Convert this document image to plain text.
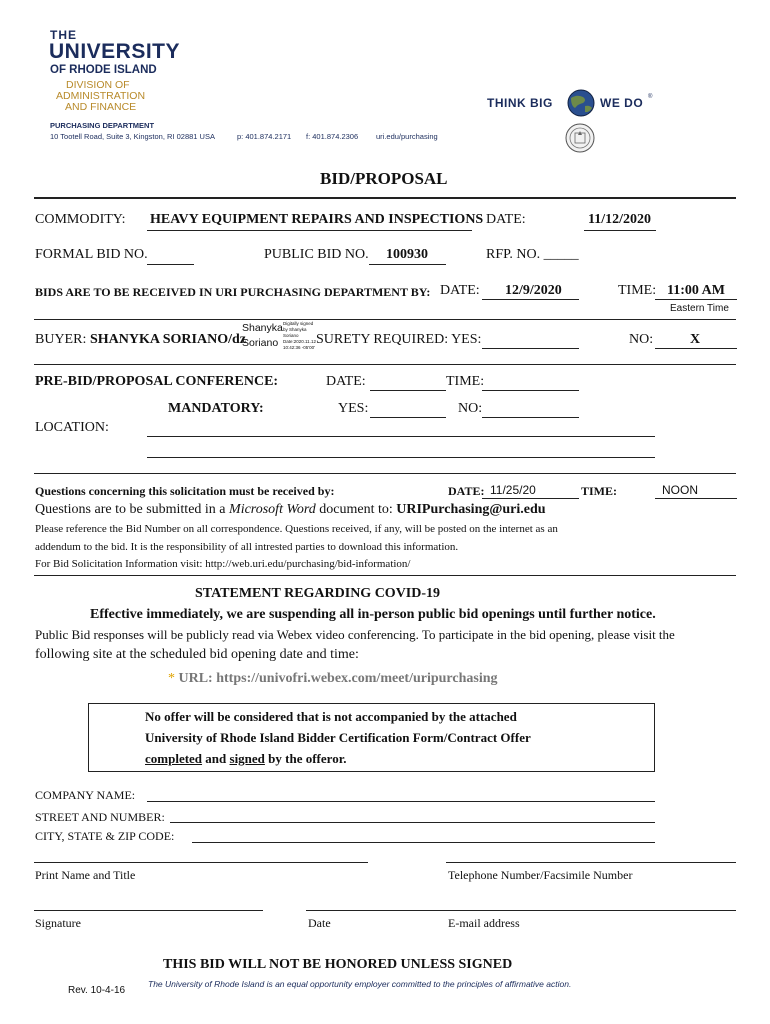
THE
UNIVERSITY
OF RHODE ISLAND
DIVISION OF
ADMINISTRATION
AND FINANCE
PURCHASING DEPARTMENT
10 Tootell Road, Suite 3, Kingston, RI 02881 USA	p: 401.874.2171 f: 401.874.2306 uri.edu/purchasing
THINK BIG	WE DO ®
BID/PROPOSAL
COMMODITY: HEAVY EQUIPMENT REPAIRS AND INSPECTIONS DATE:	11/12/2020
FORMAL BID NO.	PUBLIC BID NO. 100930	RFP. NO. _____
BIDS ARE TO BE RECEIVED IN URI PURCHASING DEPARTMENT BY: DATE: 12/9/2020	TIME: 11:00 AM
Eastern Time
BUYER: SHANYKA SORIANO/dz
Shanyka
Soriano
Digitally signed
by Shanyka
Soriano
Date:2020.11.12
10:42:36 -05'00'
SURETY REQUIRED: YES:	NO:	X
PRE-BID/PROPOSAL CONFERENCE:	DATE:	TIME:
MANDATORY:	YES:	NO:
LOCATION:
Questions concerning this solicitation must be received by:	DATE: 11/25/20	TIME:	NOON
Questions are to be submitted in a Microsoft Word document to: URIPurchasing@uri.edu
Please reference the Bid Number on all correspondence. Questions received, if any, will be posted on the internet as an
addendum to the bid. It is the responsibility of all intrested parties to download this information.
For Bid Solicitation Information visit: http://web.uri.edu/purchasing/bid-information/
STATEMENT REGARDING COVID-19
Effective immediately, we are suspending all in-person public bid openings until further notice.
Public Bid responses will be publicly read via Webex video conferencing. To participate in the bid opening, please visit the
following site at the scheduled bid opening date and time:
* URL: https://univofri.webex.com/meet/uripurchasing
No offer will be considered that is not accompanied by the attached
University of Rhode Island Bidder Certification Form/Contract Offer
completed and signed by the offeror.
COMPANY NAME:
STREET AND NUMBER:
CITY, STATE & ZIP CODE:
Print Name and Title	Telephone Number/Facsimile Number
Signature	Date	E-mail address
THIS BID WILL NOT BE HONORED UNLESS SIGNED
Rev. 10-4-16
The University of Rhode Island is an equal opportunity employer committed to the principles of affirmative action.
